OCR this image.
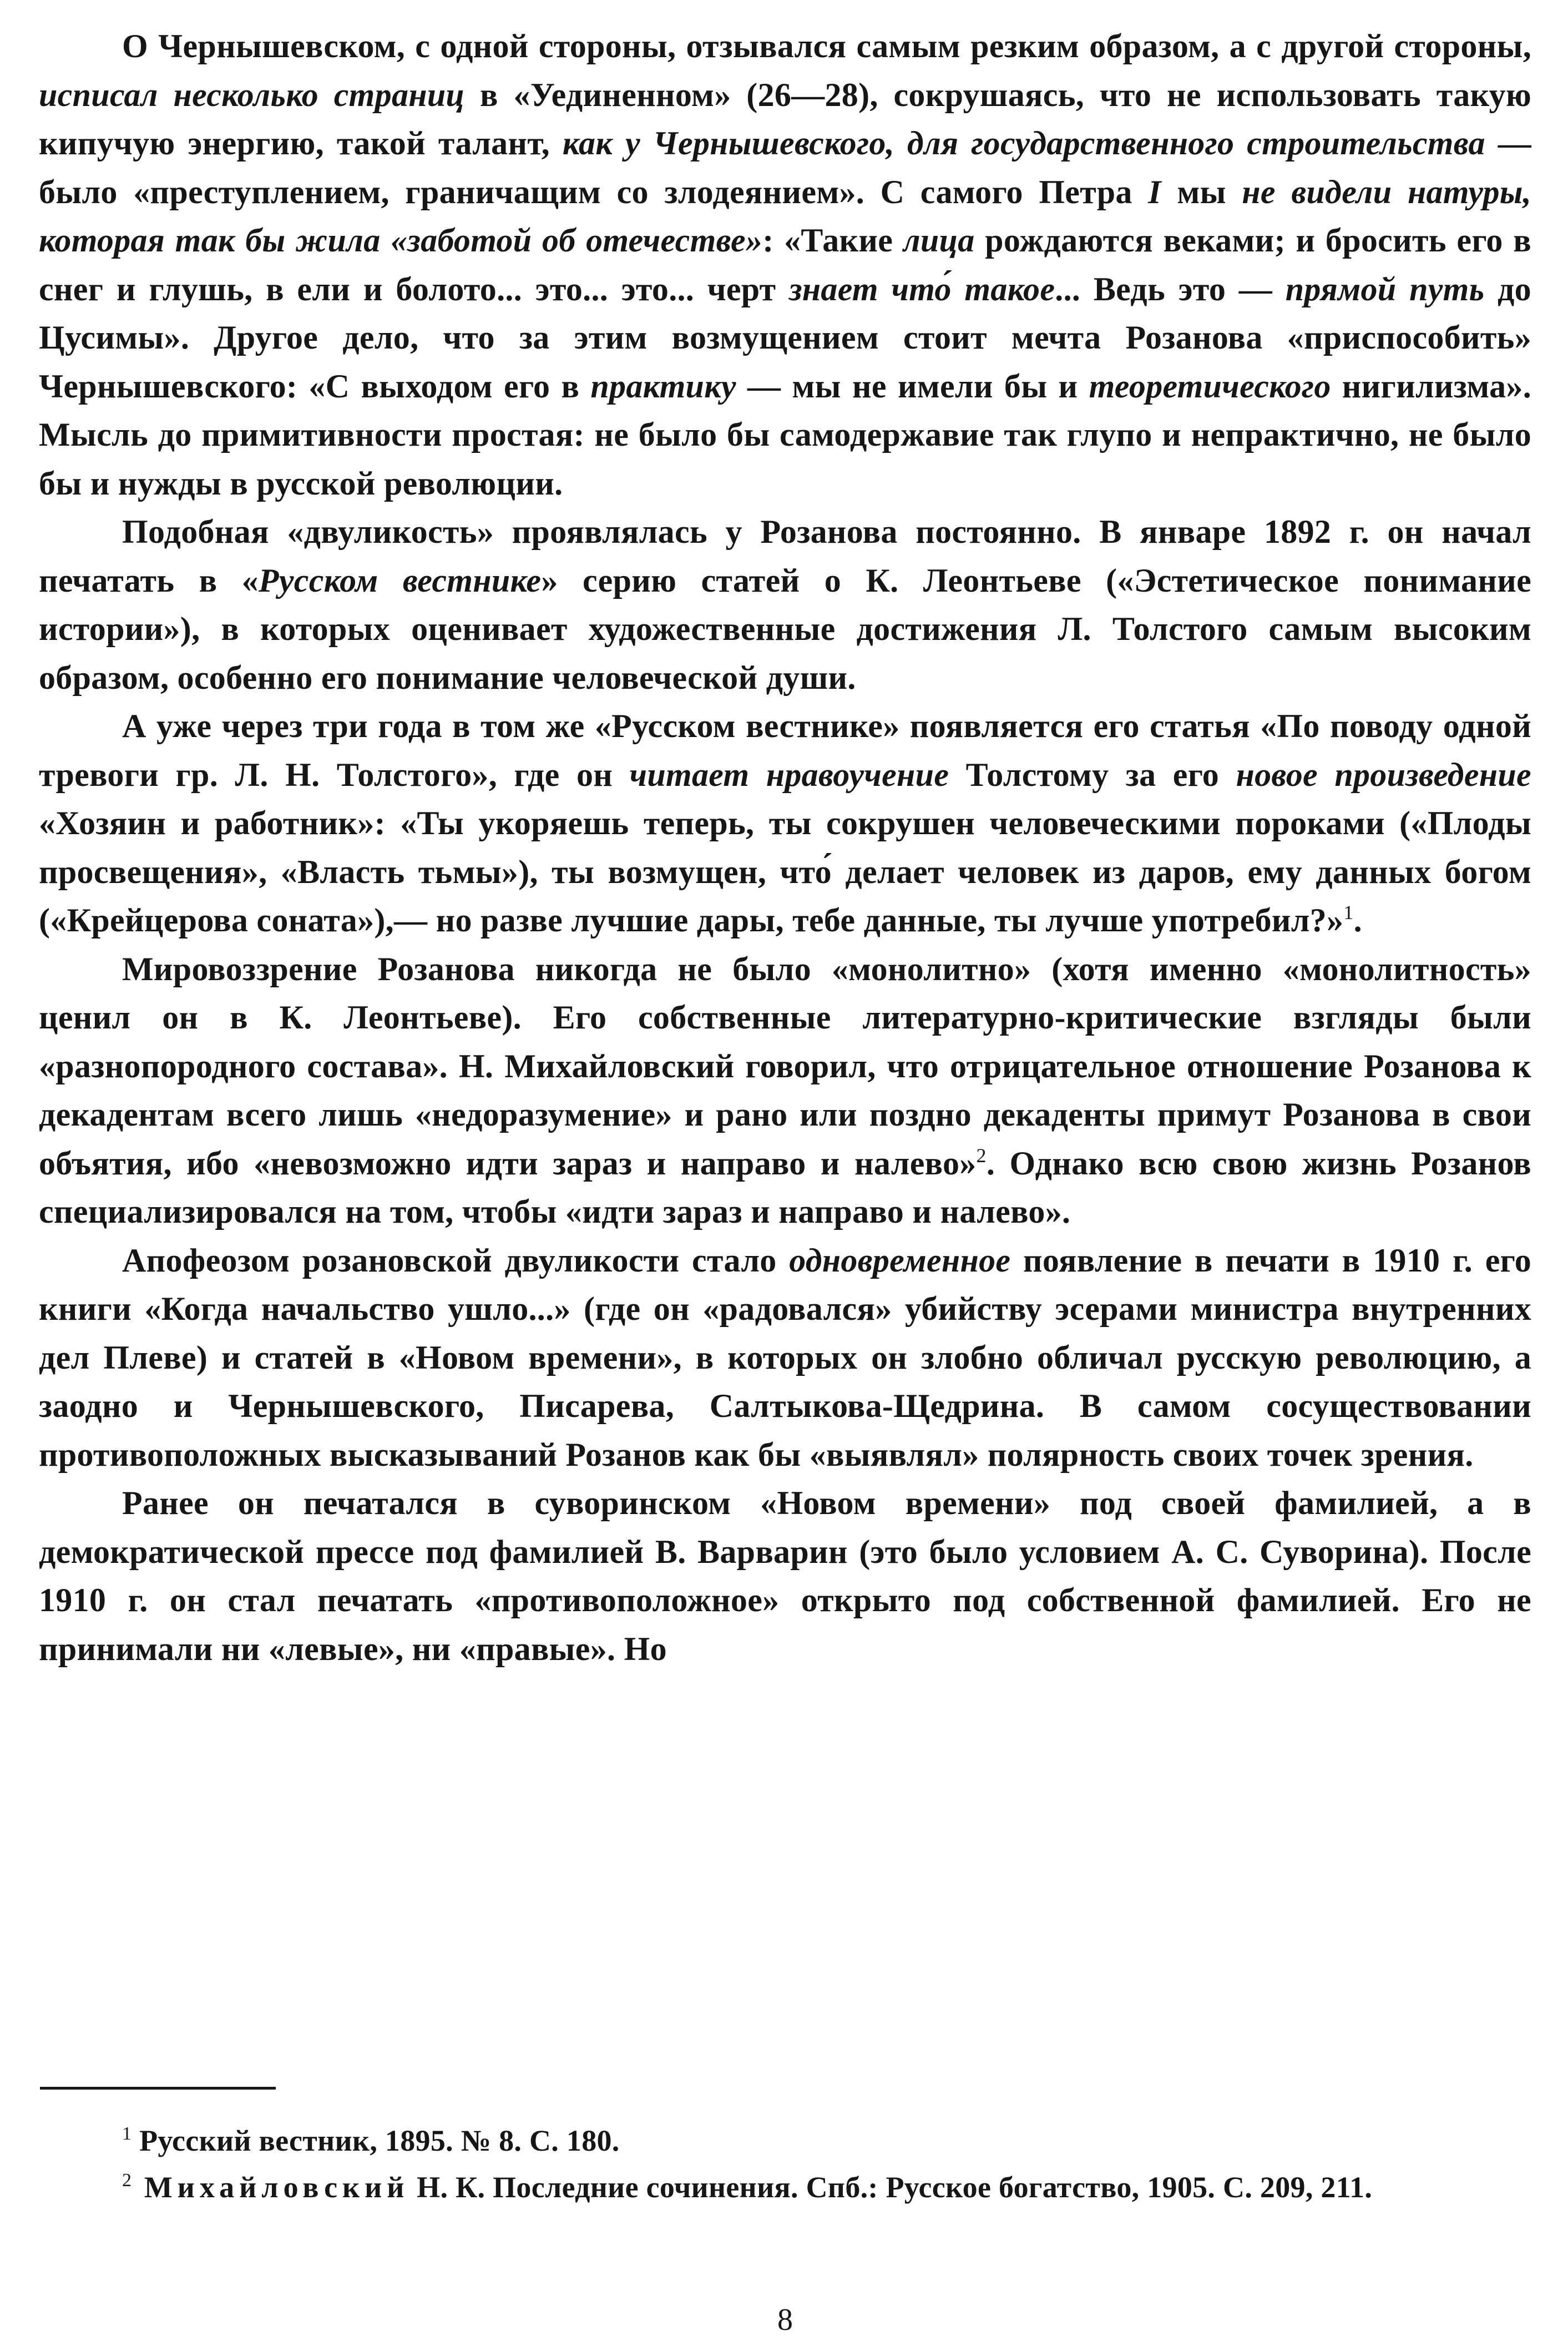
О Чернышевском, с одной стороны, отзывался самым резким образом, а с другой стороны, исписал несколько страниц в «Уединенном» (26—28), сокрушаясь, что не использовать такую кипучую энергию, такой талант, как у Чернышевского, для государственного строительства — было «преступлением, граничащим со злодеянием». С самого Петра I мы не видели натуры, которая так бы жила «заботой об отечестве»: «Такие лица рождаются веками; и бросить его в снег и глушь, в ели и болото... это... это... черт знает что́ такое... Ведь это — прямой путь до Цусимы». Другое дело, что за этим возмущением стоит мечта Розанова «приспособить» Чернышевского: «С выходом его в практику — мы не имели бы и теоретического нигилизма». Мысль до примитивности простая: не было бы самодержавие так глупо и непрактично, не было бы и нужды в русской революции.

Подобная «двуликость» проявлялась у Розанова постоянно. В январе 1892 г. он начал печатать в «Русском вестнике» серию статей о К. Леонтьеве («Эстетическое понимание истории»), в которых оценивает художественные достижения Л. Толстого самым высоким образом, особенно его понимание человеческой души.

А уже через три года в том же «Русском вестнике» появляется его статья «По поводу одной тревоги гр. Л. Н. Толстого», где он читает нравоучение Толстому за его новое произведение «Хозяин и работник»: «Ты укоряешь теперь, ты сокрушен человеческими пороками («Плоды просвещения», «Власть тьмы»), ты возмущен, что́ делает человек из даров, ему данных богом («Крейцерова соната»),— но разве лучшие дары, тебе данные, ты лучше употребил?»$^1$.

Мировоззрение Розанова никогда не было «монолитно» (хотя именно «монолитность» ценил он в К. Леонтьеве). Его собственные литературно-критические взгляды были «разнопородного состава». Н. Михайловский говорил, что отрицательное отношение Розанова к декадентам всего лишь «недоразумение» и рано или поздно декаденты примут Розанова в свои объятия, ибо «невозможно идти зараз и направо и налево»$^2$. Однако всю свою жизнь Розанов специализировался на том, чтобы «идти зараз и направо и налево».

Апофеозом розановской двуликости стало одновременное появление в печати в 1910 г. его книги «Когда начальство ушло...» (где он «радовался» убийству эсерами министра внутренних дел Плеве) и статей в «Новом времени», в которых он злобно обличал русскую революцию, а заодно и Чернышевского, Писарева, Салтыкова-Щедрина. В самом сосуществовании противоположных высказываний Розанов как бы «выявлял» полярность своих точек зрения.

Ранее он печатался в суворинском «Новом времени» под своей фамилией, а в демократической прессе под фамилией В. Варварин (это было условием А. С. Суворина). После 1910 г. он стал печатать «противоположное» открыто под собственной фамилией. Его не принимали ни «левые», ни «правые». Но

$^1$ Русский вестник, 1895. № 8. С. 180.

$^2$ Михайловский Н. К. Последние сочинения. Спб.: Русское богатство, 1905. С. 209, 211.

8
